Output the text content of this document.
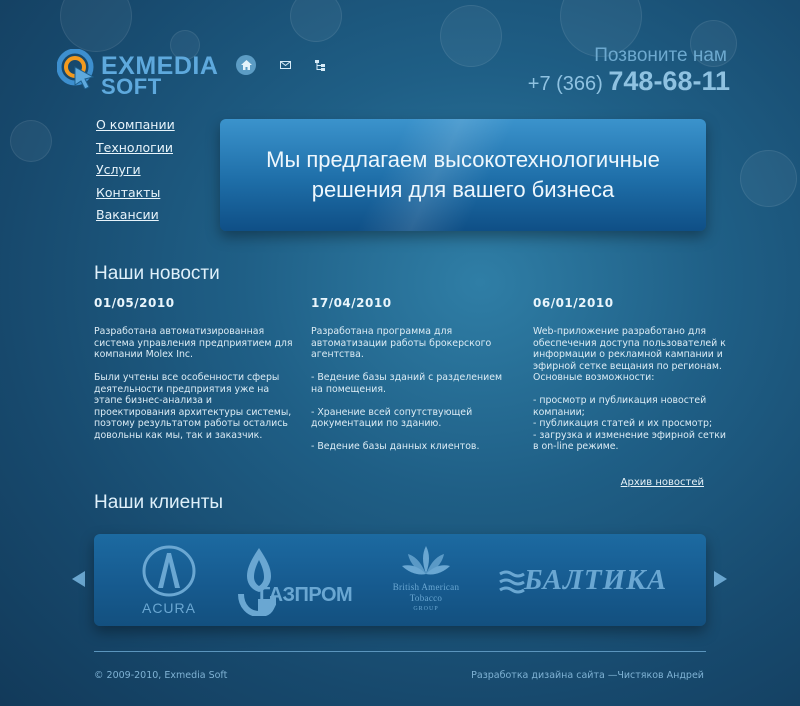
EXMEDIA
SOFT
Позвоните нам
+7 (366) 748-68-11
О компании
Технологии
Услуги
Контакты
Вакансии
Мы предлагаем высокотехнологичные решения для вашего бизнеса
Наши новости
01/05/2010
Разработана автоматизированная система управления предприятием для компании Molex Inc.

Были учтены все особенности сферы деятельности предприятия уже на этапе бизнес-анализа и проектирования архитектуры системы, поэтому результатом работы остались довольны как мы, так и заказчик.
17/04/2010
Разработана программа для автоматизации работы брокерского агентства.

- Ведение базы зданий с разделением на помещения.

- Хранение всей сопутствующей документации по зданию.

- Ведение базы данных клиентов.
06/01/2010
Web-приложение разработано для обеспечения доступа пользователей к информации о рекламной кампании и эфирной сетке вещания по регионам. Основные возможности:

- просмотр и публикация новостей компании;
- публикация статей и их просмотр;
- загрузка и изменение эфирной сетки в on-line режиме.
Архив новостей
Наши клиенты
ACURA
ГАЗПРОМ	British American
Tobacco
GROUP
БАЛТИКА
© 2009-2010, Exmedia Soft	Разработка дизайна сайта —Чистяков Андрей
